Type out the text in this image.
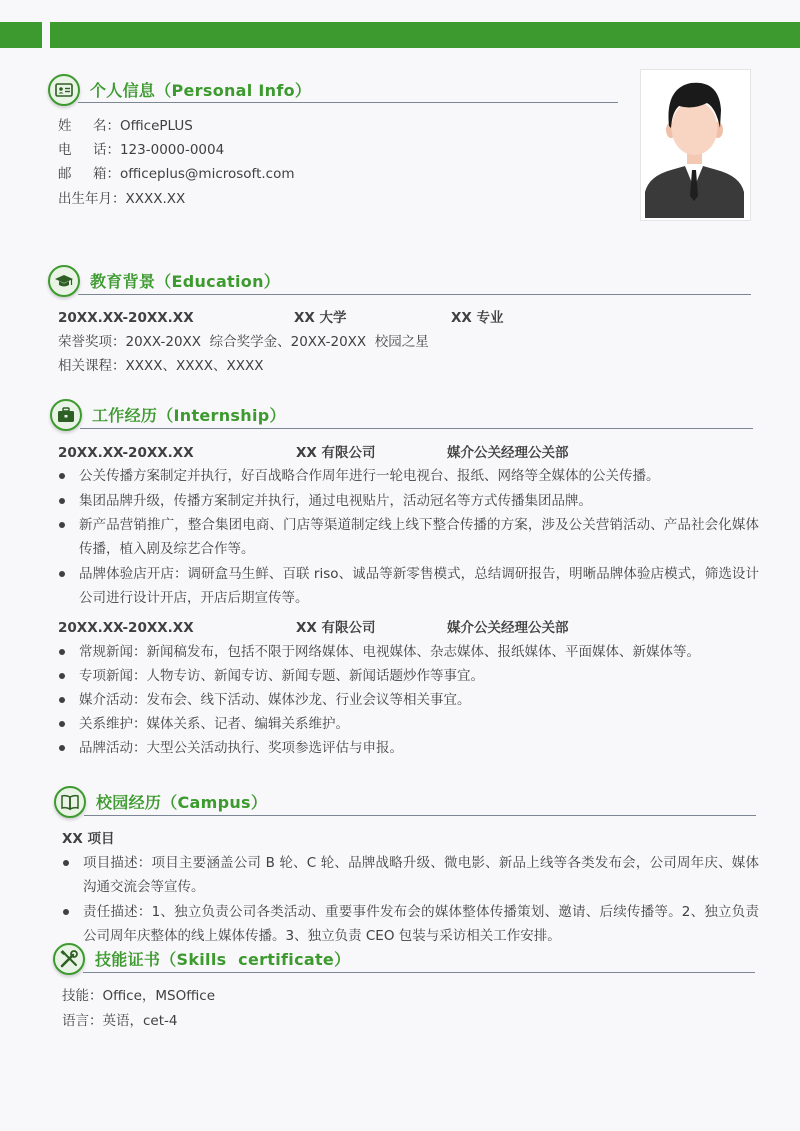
个人信息（Personal Info）
姓     名：OfficePLUS
电     话：123-0000-0004
邮     箱：officeplus@microsoft.com
出生年月：XXXX.XX
教育背景（Education）
20XX.XX-20XX.XX	XX 大学	XX 专业
荣誉奖项：20XX-20XX  综合奖学金、20XX-20XX  校园之星
相关课程：XXXX、XXXX、XXXX
工作经历（Internship）
20XX.XX-20XX.XX	XX 有限公司	媒介公关经理公关部
公关传播方案制定并执行，好百战略合作周年进行一轮电视台、报纸、网络等全媒体的公关传播。
集团品牌升级，传播方案制定并执行，通过电视贴片，活动冠名等方式传播集团品牌。
新产品营销推广，整合集团电商、门店等渠道制定线上线下整合传播的方案，涉及公关营销活动、产品社会化媒体传播，植入剧及综艺合作等。
品牌体验店开店：调研盒马生鲜、百联 riso、诚品等新零售模式，总结调研报告，明晰品牌体验店模式，筛选设计公司进行设计开店，开店后期宣传等。
20XX.XX-20XX.XX	XX 有限公司	媒介公关经理公关部
常规新闻：新闻稿发布，包括不限于网络媒体、电视媒体、杂志媒体、报纸媒体、平面媒体、新媒体等。
专项新闻：人物专访、新闻专访、新闻专题、新闻话题炒作等事宜。
媒介活动：发布会、线下活动、媒体沙龙、行业会议等相关事宜。
关系维护：媒体关系、记者、编辑关系维护。
品牌活动：大型公关活动执行、奖项参选评估与申报。
校园经历（Campus）
XX 项目
项目描述：项目主要涵盖公司 B 轮、C 轮、品牌战略升级、微电影、新品上线等各类发布会，公司周年庆、媒体沟通交流会等宣传。
责任描述：1、独立负责公司各类活动、重要事件发布会的媒体整体传播策划、邀请、后续传播等。2、独立负责公司周年庆整体的线上媒体传播。3、独立负责 CEO 包装与采访相关工作安排。
技能证书（Skills  certificate）
技能：Office，MSOffice
语言：英语，cet-4
